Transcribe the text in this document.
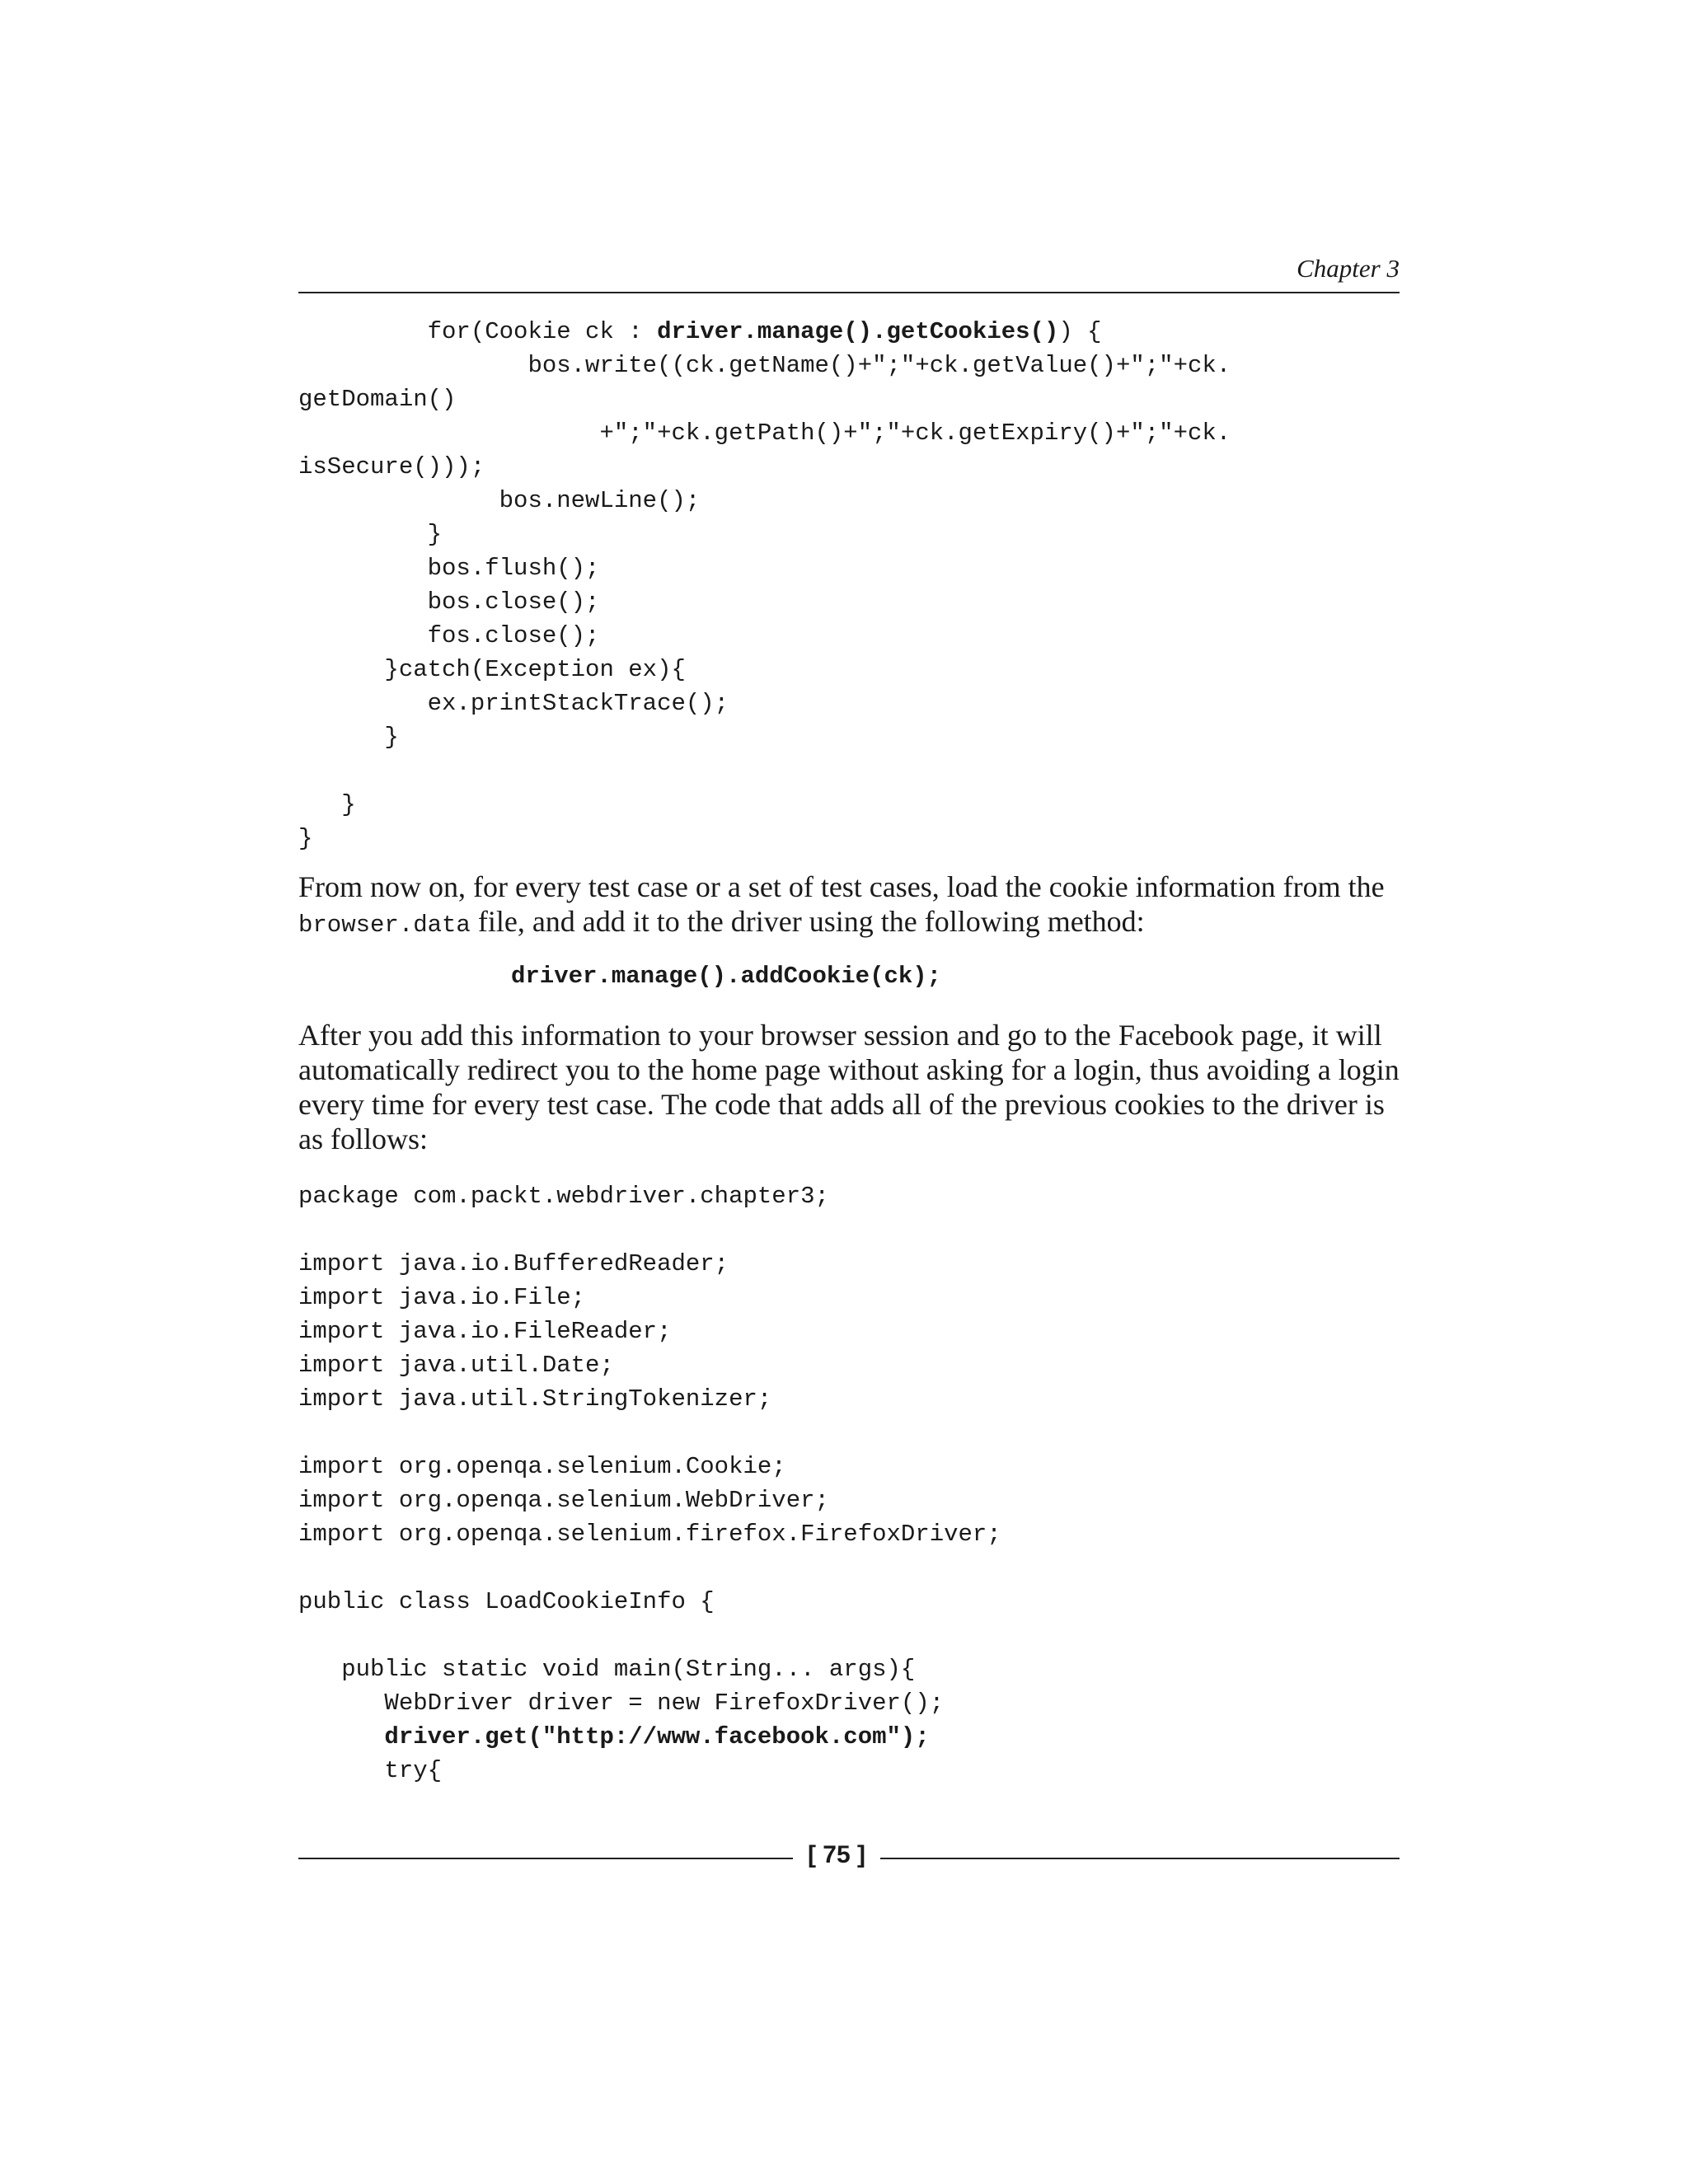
Chapter 3
for(Cookie ck : driver.manage().getCookies()) {
bos.write((ck.getName()+";"+ck.getValue()+";"+ck.
getDomain()
+";"+ck.getPath()+";"+ck.getExpiry()+";"+ck.
isSecure()));
bos.newLine();
}
bos.flush();
bos.close();
fos.close();
}catch(Exception ex){
ex.printStackTrace();
}
}
}

From now on, for every test case or a set of test cases, load the cookie information from the browser.data file, and add it to the driver using the following method:

driver.manage().addCookie(ck);

After you add this information to your browser session and go to the Facebook page, it will automatically redirect you to the home page without asking for a login, thus avoiding a login every time for every test case. The code that adds all of the previous cookies to the driver is as follows:

package com.packt.webdriver.chapter3;
import java.io.BufferedReader;
import java.io.File;
import java.io.FileReader;
import java.util.Date;
import java.util.StringTokenizer;
import org.openqa.selenium.Cookie;
import org.openqa.selenium.WebDriver;
import org.openqa.selenium.firefox.FirefoxDriver;
public class LoadCookieInfo {
public static void main(String... args){
WebDriver driver = new FirefoxDriver();
driver.get("http://www.facebook.com");
try{
[ 75 ]
